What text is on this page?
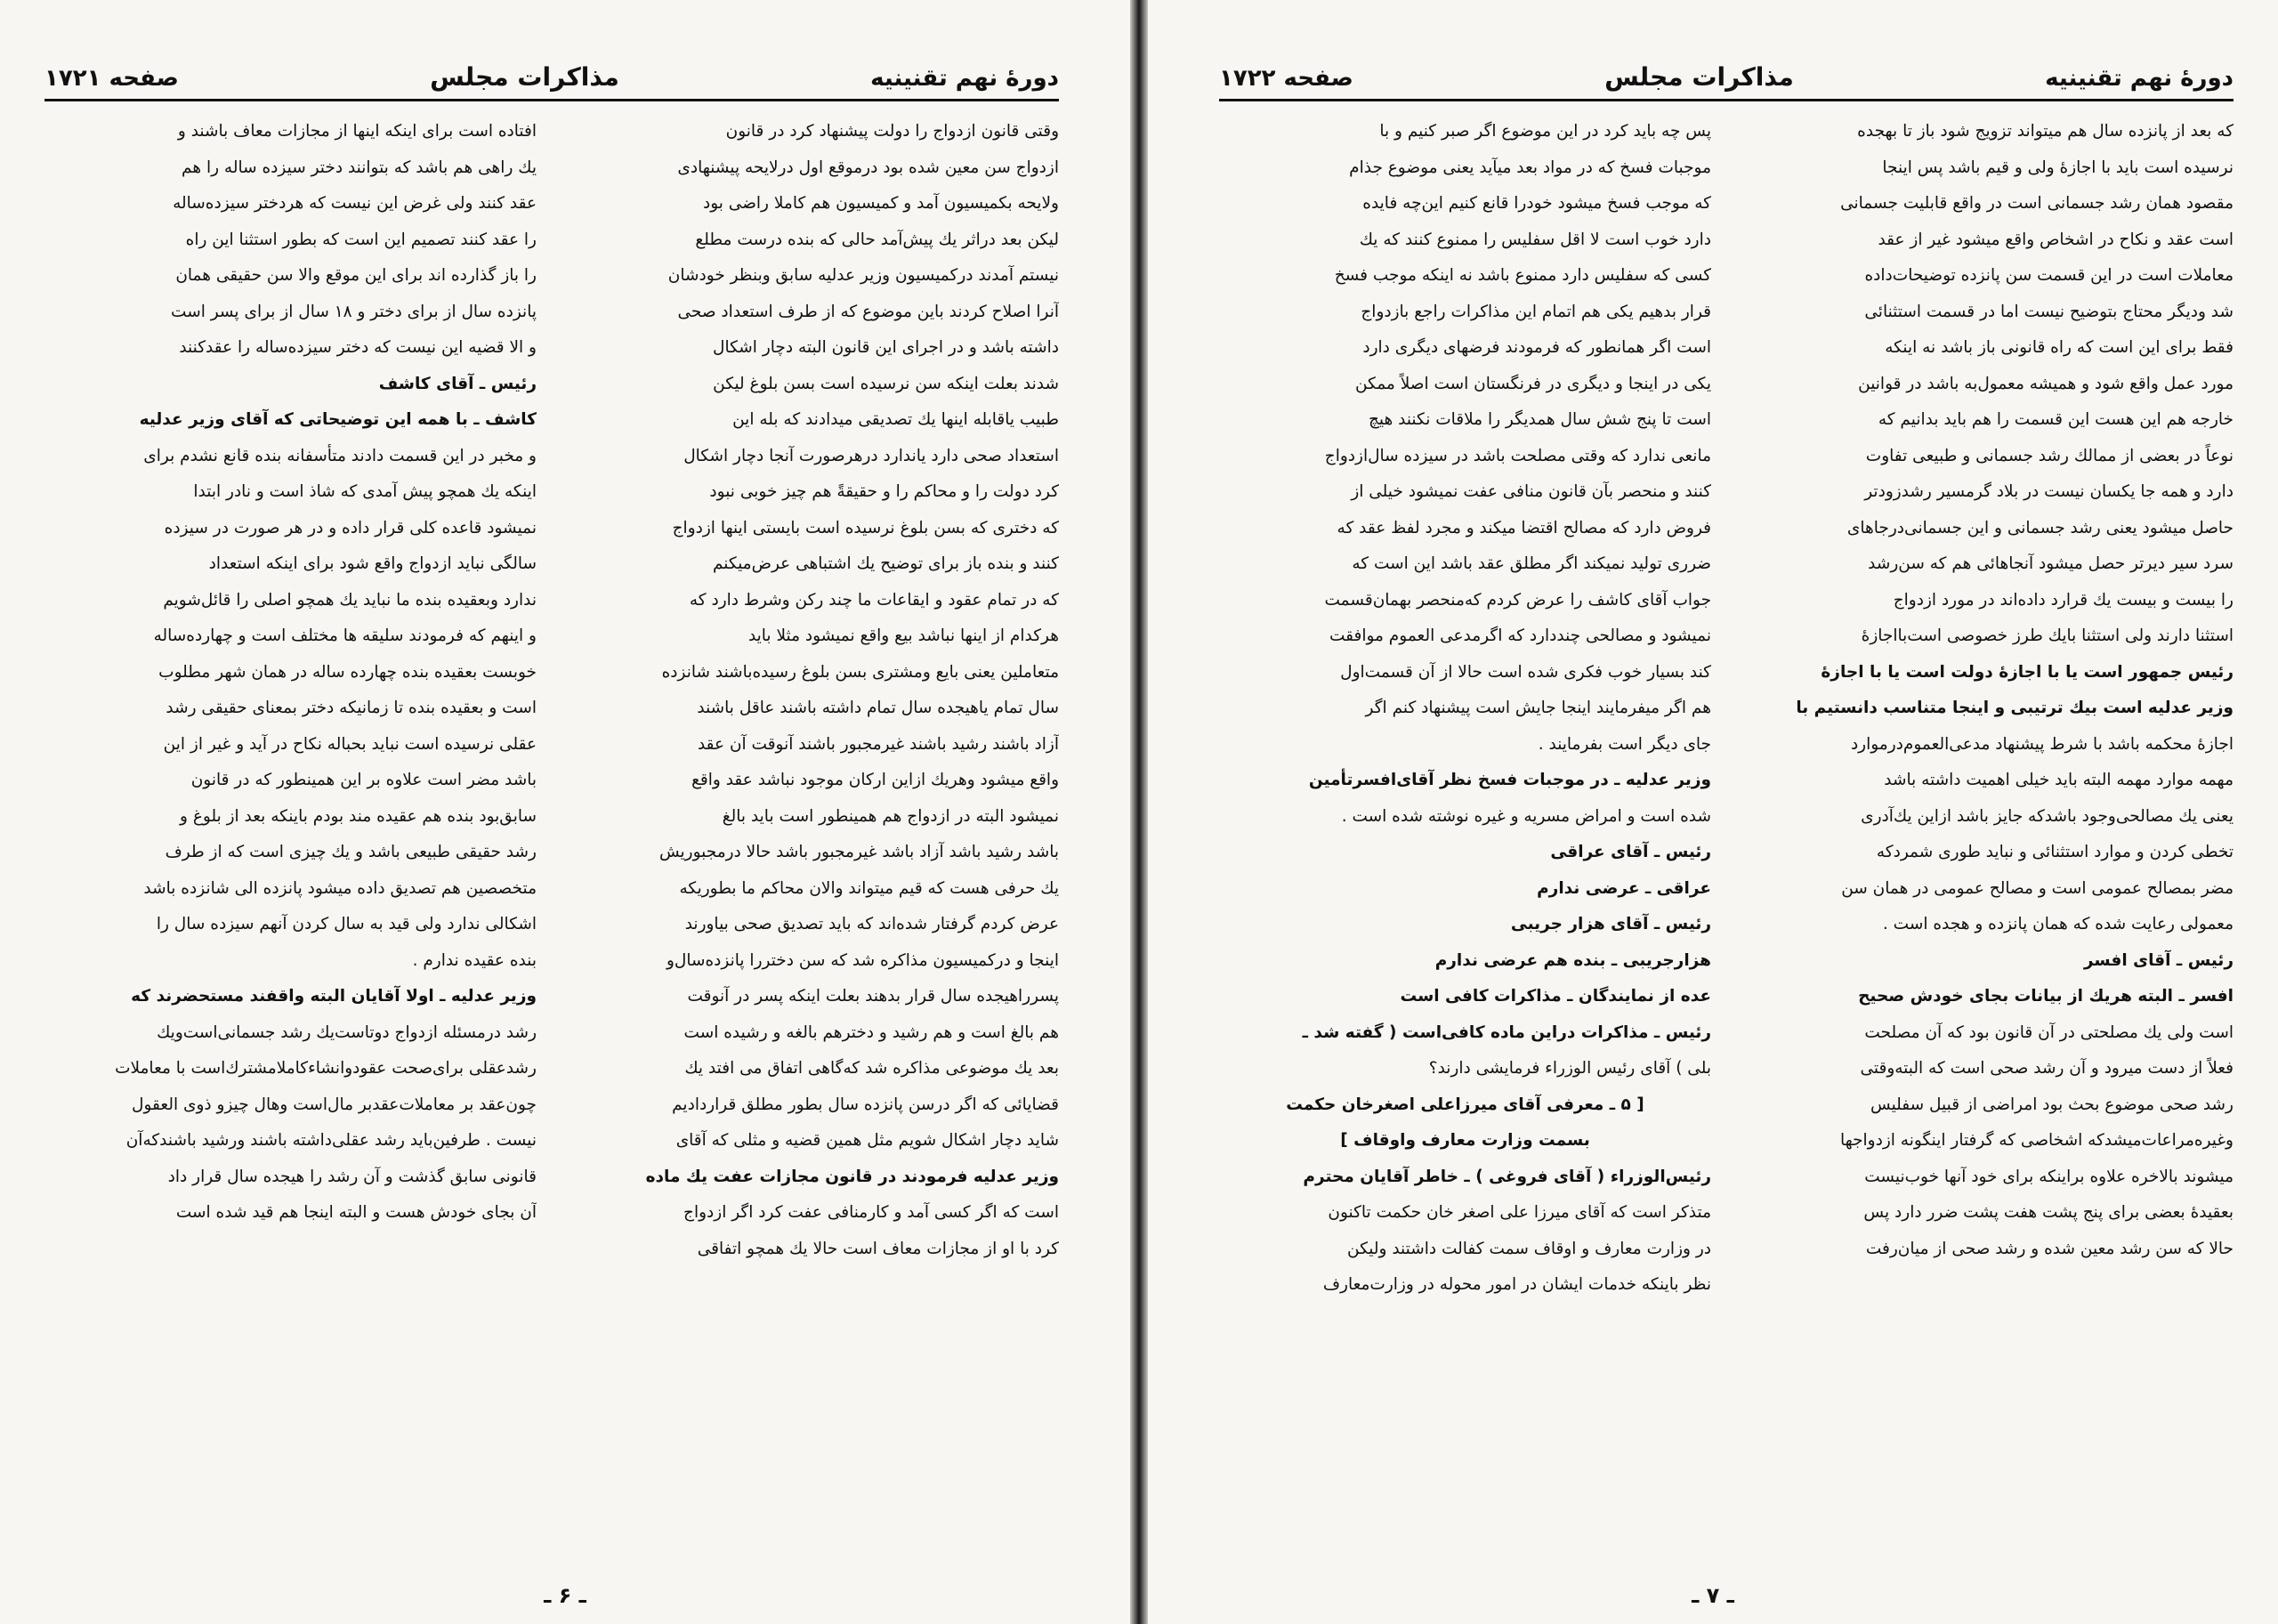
دورهٔ نهم تقنینیه
مذاکرات مجلس
صفحه ۱۷۲۱

وقتی قانون ازدواج را دولت پیشنهاد کرد در قانون

ازدواج سن معین شده بود درموقع اول درلایحه پیشنهادی

ولایحه بکمیسیون آمد و کمیسیون هم کاملا راضی بود

لیکن بعد دراثر یك پیش‌آمد حالی که بنده درست مطلع

نیستم آمدند درکمیسیون وزیر عدلیه سابق وبنظر خودشان

آنرا اصلاح کردند باین موضوع که از طرف استعداد صحی

داشته باشد و در اجرای این قانون البته دچار اشکال

شدند بعلت اینکه سن نرسیده است بسن بلوغ لیکن

طبیب یاقابله اینها یك تصدیقی میدادند که بله این

استعداد صحی دارد یاندارد درهرصورت آنجا دچار اشکال

کرد دولت را و محاکم را و حقیقةً هم چیز خوبی نبود

که دختری که بسن بلوغ نرسیده است بایستی اینها ازدواج

کنند و بنده باز برای توضیح یك اشتباهی عرض‌میکنم

که در تمام عقود و ایقاعات ما چند رکن وشرط دارد که

هرکدام از اینها نباشد بیع واقع نمیشود مثلا باید

متعاملین یعنی بایع ومشتری بسن بلوغ رسیده‌باشند شانزده

سال تمام یاهیجده سال تمام داشته باشند عاقل باشند

آزاد باشند رشید باشند غیرمجبور باشند آنوقت آن عقد

واقع میشود وهریك ازاین ارکان موجود نباشد عقد واقع

نمیشود البته در ازدواج هم همینطور است باید بالغ

باشد رشید باشد آزاد باشد غیرمجبور باشد حالا درمجبوریش

یك حرفی هست که قیم میتواند والان محاکم ما بطوریکه

عرض کردم گرفتار شده‌اند که باید تصدیق صحی بیاورند

اینجا و درکمیسیون مذاکره شد که سن دختررا پانزده‌سال‌و

پسررا‌هیجده سال قرار بدهند بعلت اینکه پسر در آنوقت

هم بالغ است و هم رشید و دخترهم بالغه و رشیده است

بعد یك موضوعی مذاکره شد که‌گاهی اتفاق می افتد یك

قضایائی که اگر درسن پانزده سال بطور مطلق قرار‌دادیم

شاید دچار اشکال شویم مثل همین قضیه و مثلی که آقای

وزیر عدلیه فرمودند در قانون مجازات عفت یك ماده

است که اگر کسی آمد و کارمنافی عفت کرد اگر ازدواج

کرد با او از مجازات معاف است حالا یك همچو اتفاقی

افتاده است برای اینکه اینها از مجازات معاف باشند و

یك راهی هم باشد که بتوانند دختر سیزده ساله را هم

عقد کنند ولی غرض این نیست که هردختر سیزده‌ساله

را عقد کنند تصمیم این است که بطور استثنا این راه

را باز گذارده اند برای این موقع والا سن حقیقی همان

پانزده سال از برای دختر و ۱۸ سال از برای پسر است

و الا قضیه این نیست که دختر سیزده‌ساله را عقدکنند

رئیس ـ آقای کاشف

کاشف ـ با همه این توضیحاتی که آقای وزیر عدلیه

و مخبر در این قسمت دادند متأسفانه بنده قانع نشدم برای

اینکه یك همچو پیش آمدی که شاذ است و نادر ابتدا

نمیشود قاعده کلی قرار داده و در هر صورت در سیزده

سالگی نباید ازدواج واقع شود برای اینکه استعداد

ندارد وبعقیده بنده ما نباید یك همچو اصلی را قائل‌شویم

و اینهم که فرمودند سلیقه ها مختلف است و چهارده‌ساله

خوبست بعقیده بنده چهارده ساله در همان شهر مطلوب

است و بعقیده بنده تا زمانیکه دختر بمعنای حقیقی رشد

عقلی نرسیده است نباید بحباله نکاح در آید و غیر از این

باشد مضر است علاوه بر این همینطور که در قانون

سابق‌بود بنده هم عقیده مند بودم باینکه بعد از بلوغ و

رشد حقیقی طبیعی باشد و یك چیزی است که از طرف

متخصصین هم تصدیق داده میشود پانزده الی شانزده باشد

اشکالی ندارد ولی قید به سال کردن آنهم سیزده سال را

بنده عقیده ندارم .

وزیر عدلیه ـ اولا آقایان البته واقفند مستحضرند که

رشد درمسئله ازدواج دوتاست‌یك رشد جسمانی‌است‌ویك

رشد‌عقلی برای‌صحت عقودوانشاء‌کاملا‌مشترك‌است با معاملات

چون‌عقد بر معاملات‌عقدبر مال‌است وهال چیزو ذوی العقول

نیست . طرفین‌باید رشد عقلی‌داشته باشند ورشید باشند‌که‌آن

قانونی سابق گذشت و آن رشد را هیجده سال قرار داد

آن بجای خودش هست و البته اینجا هم قید شده است

ـ ۶ ـ
دورهٔ نهم تقنینیه
مذاکرات مجلس
صفحه ۱۷۲۲

که بعد از پانزده سال هم میتواند تزویج شود باز تا بهجده

نرسیده است باید با اجازهٔ ولی و قیم باشد پس اینجا

مقصود همان رشد جسمانی است در واقع قابلیت جسمانی

است عقد و نکاح در اشخاص واقع میشود غیر از عقد

معاملات است در این قسمت سن پانزده توضیحات‌داده

شد ودیگر محتاج بتوضیح نیست اما در قسمت استثنائی

فقط برای این است که راه قانونی باز باشد نه اینکه

مورد عمل واقع شود و همیشه معمول‌به باشد در قوانین

خارجه هم این هست این قسمت را هم باید بدانیم که

نوعاً در بعضی از ممالك رشد جسمانی و طبیعی تفاوت

دارد و همه جا یکسان نیست در بلاد گرمسیر رشدزودتر

حاصل میشود یعنی رشد جسمانی و این جسمانی‌درجاهای

سرد سیر دیرتر حصل میشود آنجاهائی هم که سن‌رشد

را بیست و بیست یك قرارد داده‌اند در مورد ازدواج

استثنا دارند ولی استثنا بایك طرز خصوصی است‌بااجازهٔ

رئیس جمهور است یا با اجازهٔ دولت است یا با اجازهٔ

وزیر عدلیه است بیك ترتیبی و اینجا متناسب دانستیم با

اجازهٔ محکمه باشد با شرط پیشنهاد مدعی‌العموم‌در‌موارد

مهمه موارد مهمه البته باید خیلی اهمیت داشته باشد

یعنی یك مصالحی‌وجود باشدکه جایز باشد ازاین یك‌آدری

تخطی کردن و موارد استثنائی و نباید طوری شمردکه

مضر بمصالح عمومی است و مصالح عمومی در همان سن

معمولی رعایت شده که همان پانزده و هجده است .

رئیس ـ آقای افسر

افسر ـ البته هریك از بیانات بجای خودش صحیح

است ولی یك مصلحتی در آن قانون بود که آن مصلحت

فعلاً از دست میرود و آن رشد صحی است که البته‌وقتی

رشد صحی موضوع بحث بود امراضی از قبیل سفلیس

وغیره‌مراعات‌میشدکه اشخاصی که گرفتار اینگونه ازدواجها

میشوند بالاخره علاوه براینکه برای خود آنها خوب‌نیست

بعقیدهٔ بعضی برای پنج پشت هفت پشت ضرر دارد پس

حالا که سن رشد معین شده و رشد صحی از میان‌رفت

پس چه باید کرد در این موضوع اگر صبر کنیم و با

موجبات فسخ که در مواد بعد میآید یعنی موضوع جذام

که موجب فسخ میشود خودرا قانع کنیم این‌چه فایده

دارد خوب است لا اقل سفلیس را ممنوع کنند که یك

کسی که سفلیس دارد ممنوع باشد نه اینکه موجب فسخ

قرار بدهیم یکی هم اتمام این مذاکرات راجع بازدواج

است اگر همانطور که فرمودند فرضهای دیگری دارد

یکی در اینجا و دیگری در فرنگستان است اصلاً ممکن

است تا پنج شش سال همدیگر را ملاقات نکنند هیچ

مانعی ندارد که وقتی مصلحت باشد در سیزده سال‌ازدواج

کنند و منحصر بآن قانون منافی عفت نمیشود خیلی از

فروض دارد که مصالح اقتضا میکند و مجرد لفظ عقد که

ضرری تولید نمیکند اگر مطلق عقد باشد این است که

جواب آقای کاشف را عرض کردم که‌منحصر بهمان‌قسمت

نمیشود و مصالحی چنددارد که اگرمدعی العموم موافقت

کند بسیار خوب فکری شده است حالا از آن قسمت‌اول

هم اگر میفرمایند اینجا جایش است پیشنهاد کنم اگر

جای دیگر است بفرمایند .

وزیر عدلیه ـ در موجبات فسخ نظر آقای‌افسرتأمین

شده است و امراض مسریه و غیره نوشته شده است .

رئیس ـ آقای عراقی

عراقی ـ عرضی ندارم

رئیس ـ آقای هزار جریبی

هزارجریبی ـ بنده هم عرضی ندارم

عده از نمایندگان ـ مذاکرات کافی است

رئیس ـ مذاکرات دراین ماده کافی‌است ( گفته شد ـ

بلی ) آقای رئیس الوزراء فرمایشی دارند؟

[ ۵ ـ معرفی آقای میرزاعلی اصغرخان حکمت

بسمت وزارت معارف واوقاف ]

رئیس‌الوزراء ( آقای فروغی ) ـ خاطر آقایان محترم

متذکر است که آقای میرزا علی اصغر خان حکمت تاکنون

در وزارت معارف و اوقاف سمت کفالت داشتند ولیکن

نظر باینکه خدمات ایشان در امور محوله در وزارت‌معارف

ـ ۷ ـ
